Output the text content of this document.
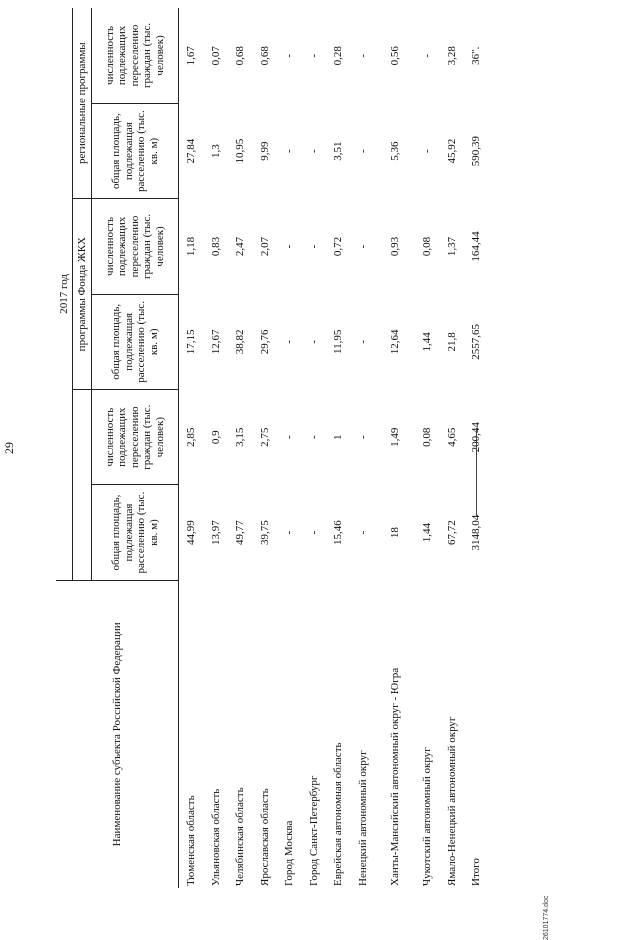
29
Наименование субъекта Российской Федерации	2017 год					
			программы Фонда ЖКХ		региональные программы	
	общая площадь, подлежащая расселению (тыс. кв. м)	численность подлежащих переселению граждан (тыс. человек)	общая площадь, подлежащая расселению (тыс. кв. м)	численность подлежащих переселению граждан (тыс. человек)	общая площадь, подлежащая расселению (тыс. кв. м)	численность подлежащих переселению граждан (тыс. человек)
Тюменская область	44,99	2,85	17,15	1,18	27,84	1,67
Ульяновская область	13,97	0,9	12,67	0,83	1,3	0,07
Челябинская область	49,77	3,15	38,82	2,47	10,95	0,68
Ярославская область	39,75	2,75	29,76	2,07	9,99	0,68
Город Москва	-	-	-	-	-	-
Город Санкт-Петербург	-	-	-	-	-	-
Еврейская автономная область	15,46	1	11,95	0,72	3,51	0,28
Ненецкий автономный округ	-	-	-	-	-	-
Ханты-Мансийский автономный округ - Югра	18	1,49	12,64	0,93	5,36	0,56
Чукотский автономный округ	1,44	0,08	1,44	0,08	-	-
Ямало-Ненецкий автономный округ	67,72	4,65	21,8	1,37	45,92	3,28
Итого	3148,04	200,44	2557,65	164,44	590,39	36".
26101774.doc
